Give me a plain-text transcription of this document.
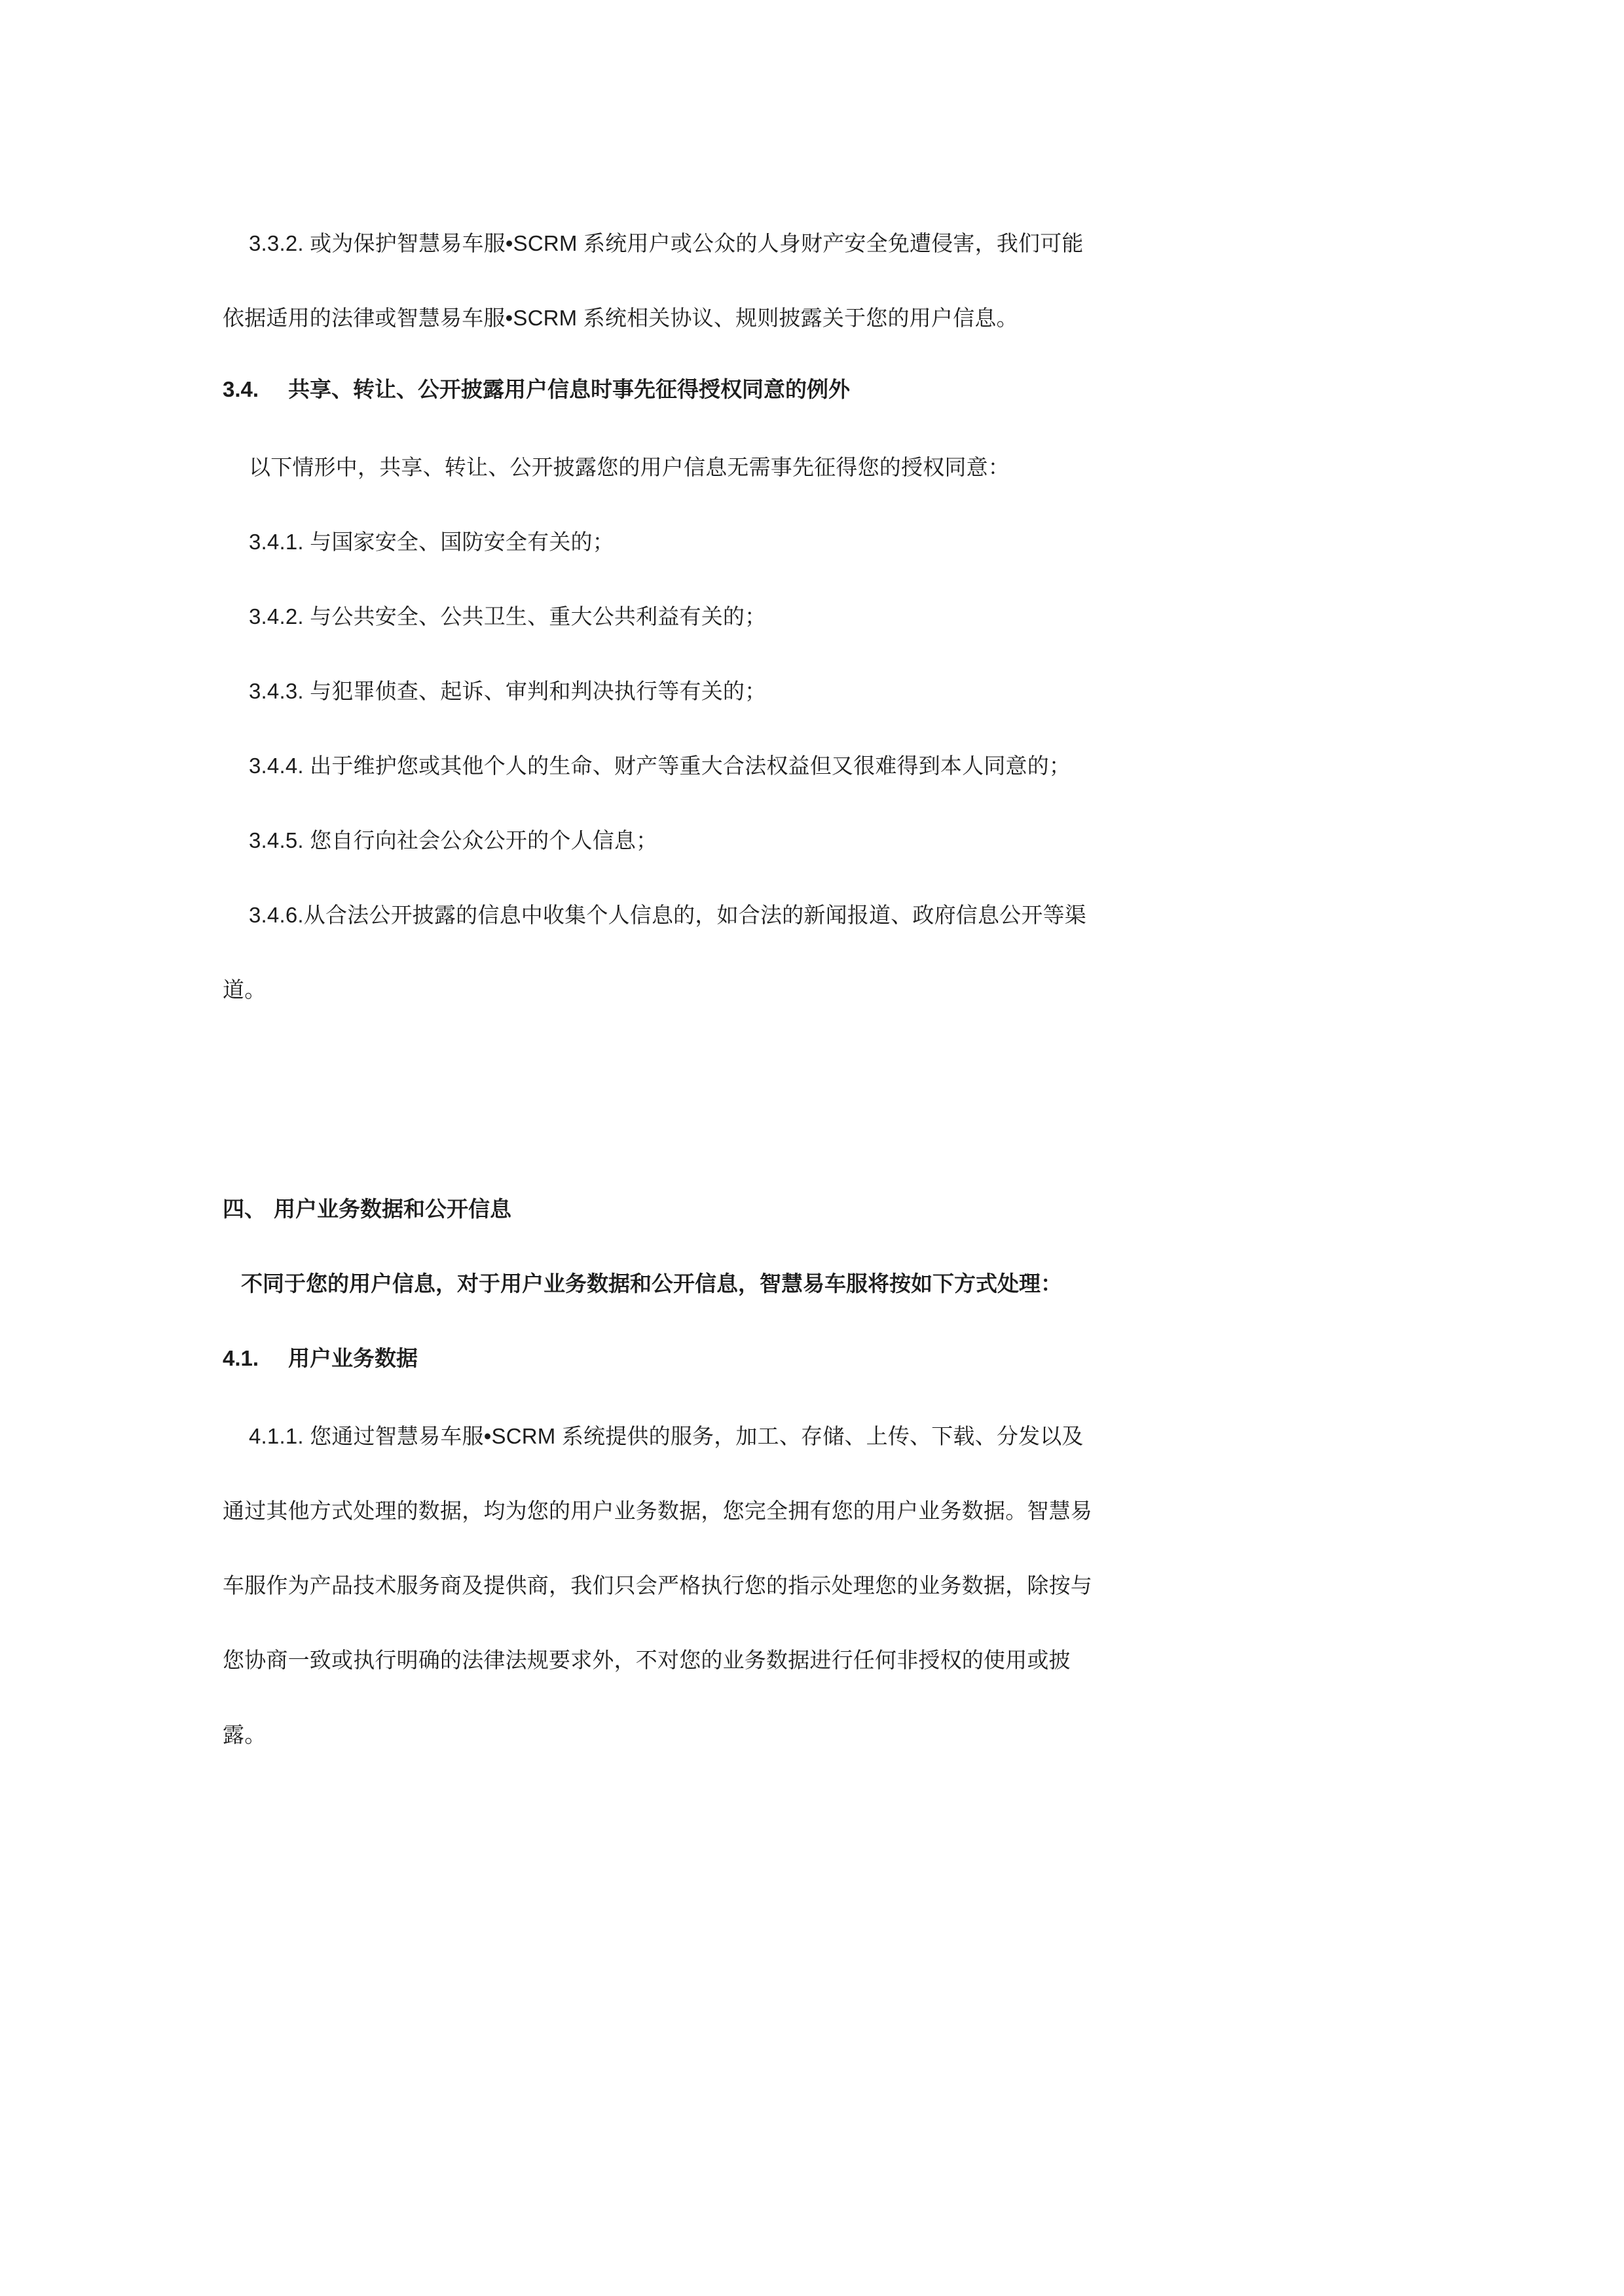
3.3.2. 或为保护智慧易车服•SCRM 系统用户或公众的人身财产安全免遭侵害，我们可能
依据适用的法律或智慧易车服•SCRM 系统相关协议、规则披露关于您的用户信息。
3.4. 共享、转让、公开披露用户信息时事先征得授权同意的例外
以下情形中，共享、转让、公开披露您的用户信息无需事先征得您的授权同意：
3.4.1. 与国家安全、国防安全有关的；
3.4.2. 与公共安全、公共卫生、重大公共利益有关的；
3.4.3. 与犯罪侦查、起诉、审判和判决执行等有关的；
3.4.4. 出于维护您或其他个人的生命、财产等重大合法权益但又很难得到本人同意的；
3.4.5. 您自行向社会公众公开的个人信息；
3.4.6.从合法公开披露的信息中收集个人信息的，如合法的新闻报道、政府信息公开等渠
道。
四、 用户业务数据和公开信息
不同于您的用户信息，对于用户业务数据和公开信息，智慧易车服将按如下方式处理：
4.1. 用户业务数据
4.1.1. 您通过智慧易车服•SCRM 系统提供的服务，加工、存储、上传、下载、分发以及
通过其他方式处理的数据，均为您的用户业务数据，您完全拥有您的用户业务数据。智慧易
车服作为产品技术服务商及提供商，我们只会严格执行您的指示处理您的业务数据，除按与
您协商一致或执行明确的法律法规要求外，不对您的业务数据进行任何非授权的使用或披
露。
